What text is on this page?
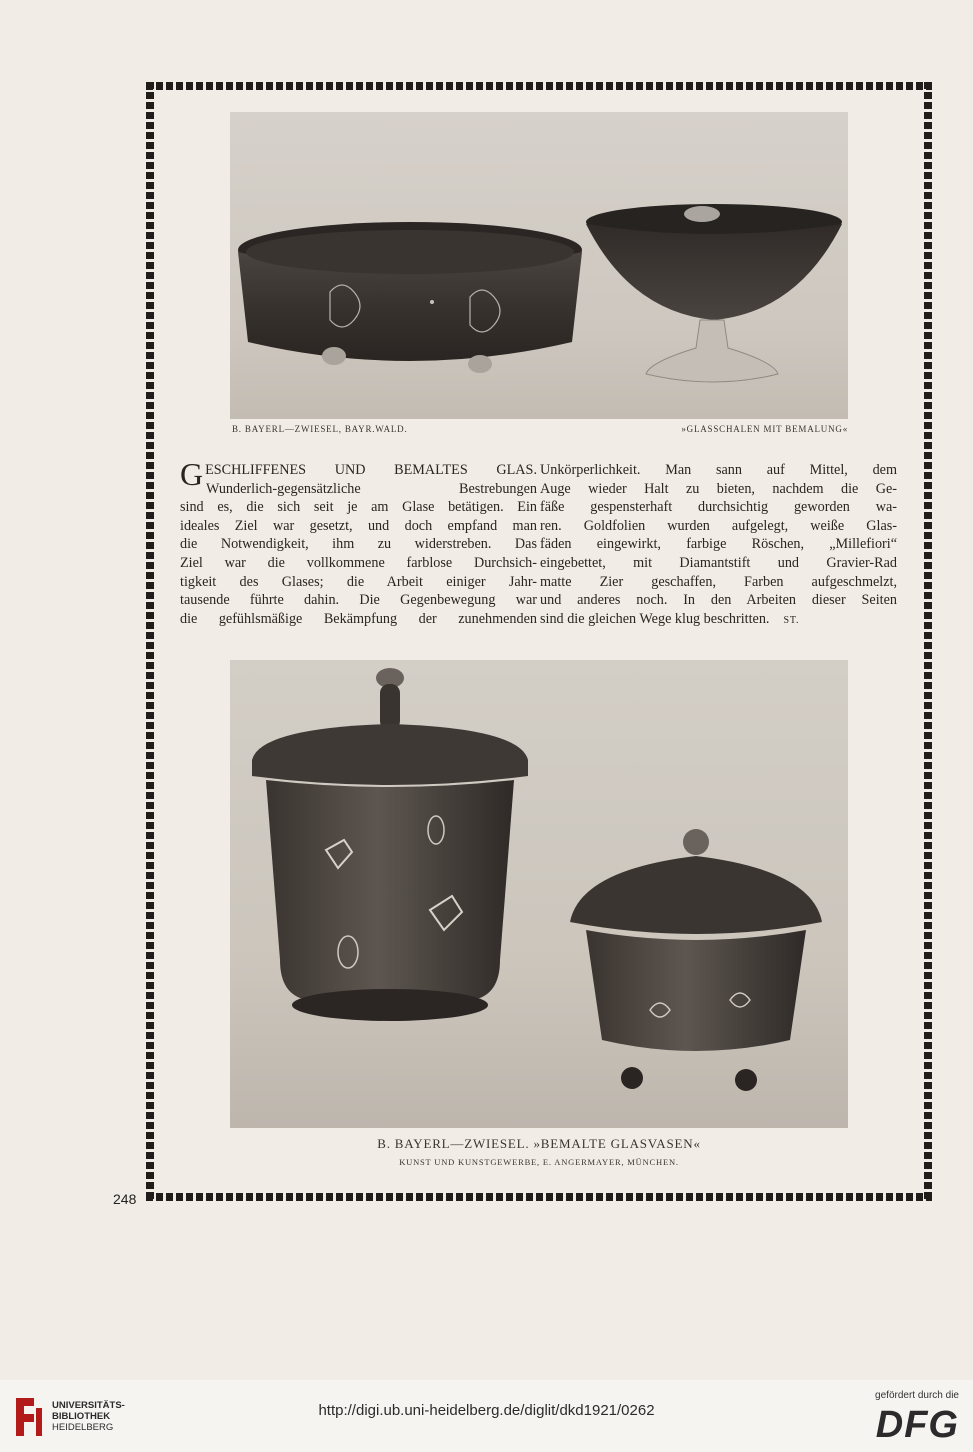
B. BAYERL—ZWIESEL, BAYR.WALD.	»GLASSCHALEN MIT BEMALUNG«
GESCHLIFFENES UND BEMALTES GLAS.
Wunderlich-gegensätzliche Bestrebungen
sind es, die sich seit je am Glase betätigen. Ein
ideales Ziel war gesetzt, und doch empfand man
die Notwendigkeit, ihm zu widerstreben. Das
Ziel war die vollkommene farblose Durchsich-
tigkeit des Glases; die Arbeit einiger Jahr-
tausende führte dahin. Die Gegenbewegung war
die gefühlsmäßige Bekämpfung der zunehmenden
Unkörperlichkeit. Man sann auf Mittel, dem
Auge wieder Halt zu bieten, nachdem die Ge-
fäße gespensterhaft durchsichtig geworden wa-
ren. Goldfolien wurden aufgelegt, weiße Glas-
fäden eingewirkt, farbige Röschen, „Millefiori“
eingebettet, mit Diamantstift und Gravier-Rad
matte Zier geschaffen, Farben aufgeschmelzt,
und anderes noch. In den Arbeiten dieser Seiten
sind die gleichen Wege klug beschritten. ST.
B. BAYERL—ZWIESEL. »BEMALTE GLASVASEN«
KUNST UND KUNSTGEWERBE, E. ANGERMAYER, MÜNCHEN.
248
UNIVERSITÄTS-
BIBLIOTHEK
HEIDELBERG
http://digi.ub.uni-heidelberg.de/diglit/dkd1921/0262
gefördert durch die
DFG
